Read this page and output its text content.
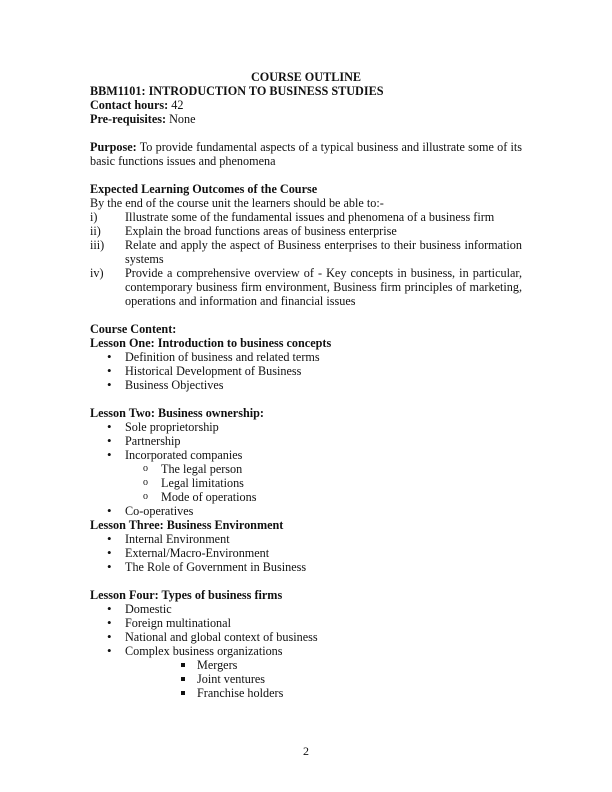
COURSE OUTLINE
BBM1101: INTRODUCTION TO BUSINESS STUDIES
Contact hours: 42
Pre-requisites: None
Purpose: To provide fundamental aspects of a typical business and illustrate some of its basic functions issues and phenomena
Expected Learning Outcomes of the Course
By the end of the course unit the learners should be able to:-
i)	Illustrate some of the fundamental issues and phenomena of a business firm
ii)	Explain the broad functions areas of business enterprise
iii)	Relate and apply the aspect of Business enterprises to their business information systems
iv)	Provide a comprehensive overview of - Key concepts in business, in particular, contemporary business firm environment, Business firm principles of marketing, operations and information and financial issues
Course Content:
Lesson One: Introduction to business concepts
• Definition of business and related terms
• Historical Development of Business
• Business Objectives
Lesson Two: Business ownership:
• Sole proprietorship
• Partnership
• Incorporated companies
o The legal person
o Legal limitations
o Mode of operations
• Co-operatives
Lesson Three: Business Environment
• Internal Environment
• External/Macro-Environment
• The Role of Government in Business
Lesson Four: Types of business firms
• Domestic
• Foreign multinational
• National and global context of business
• Complex business organizations
Mergers
Joint ventures
Franchise holders
2
